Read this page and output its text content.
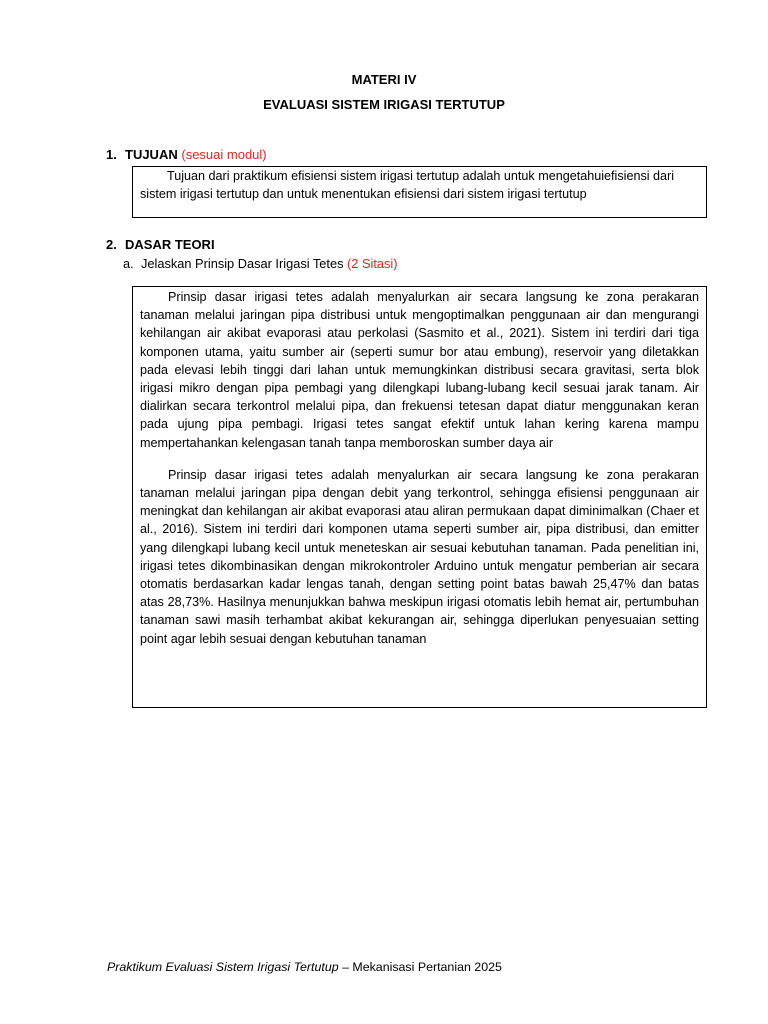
MATERI IV
EVALUASI SISTEM IRIGASI TERTUTUP
1. TUJUAN (sesuai modul)

Tujuan dari praktikum efisiensi sistem irigasi tertutup adalah untuk mengetahuiefisiensi dari sistem irigasi tertutup dan untuk menentukan efisiensi dari sistem irigasi tertutup

2. DASAR TEORI
a. Jelaskan Prinsip Dasar Irigasi Tetes (2 Sitasi)

Prinsip dasar irigasi tetes adalah menyalurkan air secara langsung ke zona perakaran tanaman melalui jaringan pipa distribusi untuk mengoptimalkan penggunaan air dan mengurangi kehilangan air akibat evaporasi atau perkolasi (Sasmito et al., 2021). Sistem ini terdiri dari tiga komponen utama, yaitu sumber air (seperti sumur bor atau embung), reservoir yang diletakkan pada elevasi lebih tinggi dari lahan untuk memungkinkan distribusi secara gravitasi, serta blok irigasi mikro dengan pipa pembagi yang dilengkapi lubang-lubang kecil sesuai jarak tanam. Air dialirkan secara terkontrol melalui pipa, dan frekuensi tetesan dapat diatur menggunakan keran pada ujung pipa pembagi. Irigasi tetes sangat efektif untuk lahan kering karena mampu mempertahankan kelengasan tanah tanpa memboroskan sumber daya air

Prinsip dasar irigasi tetes adalah menyalurkan air secara langsung ke zona perakaran tanaman melalui jaringan pipa dengan debit yang terkontrol, sehingga efisiensi penggunaan air meningkat dan kehilangan air akibat evaporasi atau aliran permukaan dapat diminimalkan (Chaer et al., 2016). Sistem ini terdiri dari komponen utama seperti sumber air, pipa distribusi, dan emitter yang dilengkapi lubang kecil untuk meneteskan air sesuai kebutuhan tanaman. Pada penelitian ini, irigasi tetes dikombinasikan dengan mikrokontroler Arduino untuk mengatur pemberian air secara otomatis berdasarkan kadar lengas tanah, dengan setting point batas bawah 25,47% dan batas atas 28,73%. Hasilnya menunjukkan bahwa meskipun irigasi otomatis lebih hemat air, pertumbuhan tanaman sawi masih terhambat akibat kekurangan air, sehingga diperlukan penyesuaian setting point agar lebih sesuai dengan kebutuhan tanaman

Praktikum Evaluasi Sistem Irigasi Tertutup – Mekanisasi Pertanian 2025
